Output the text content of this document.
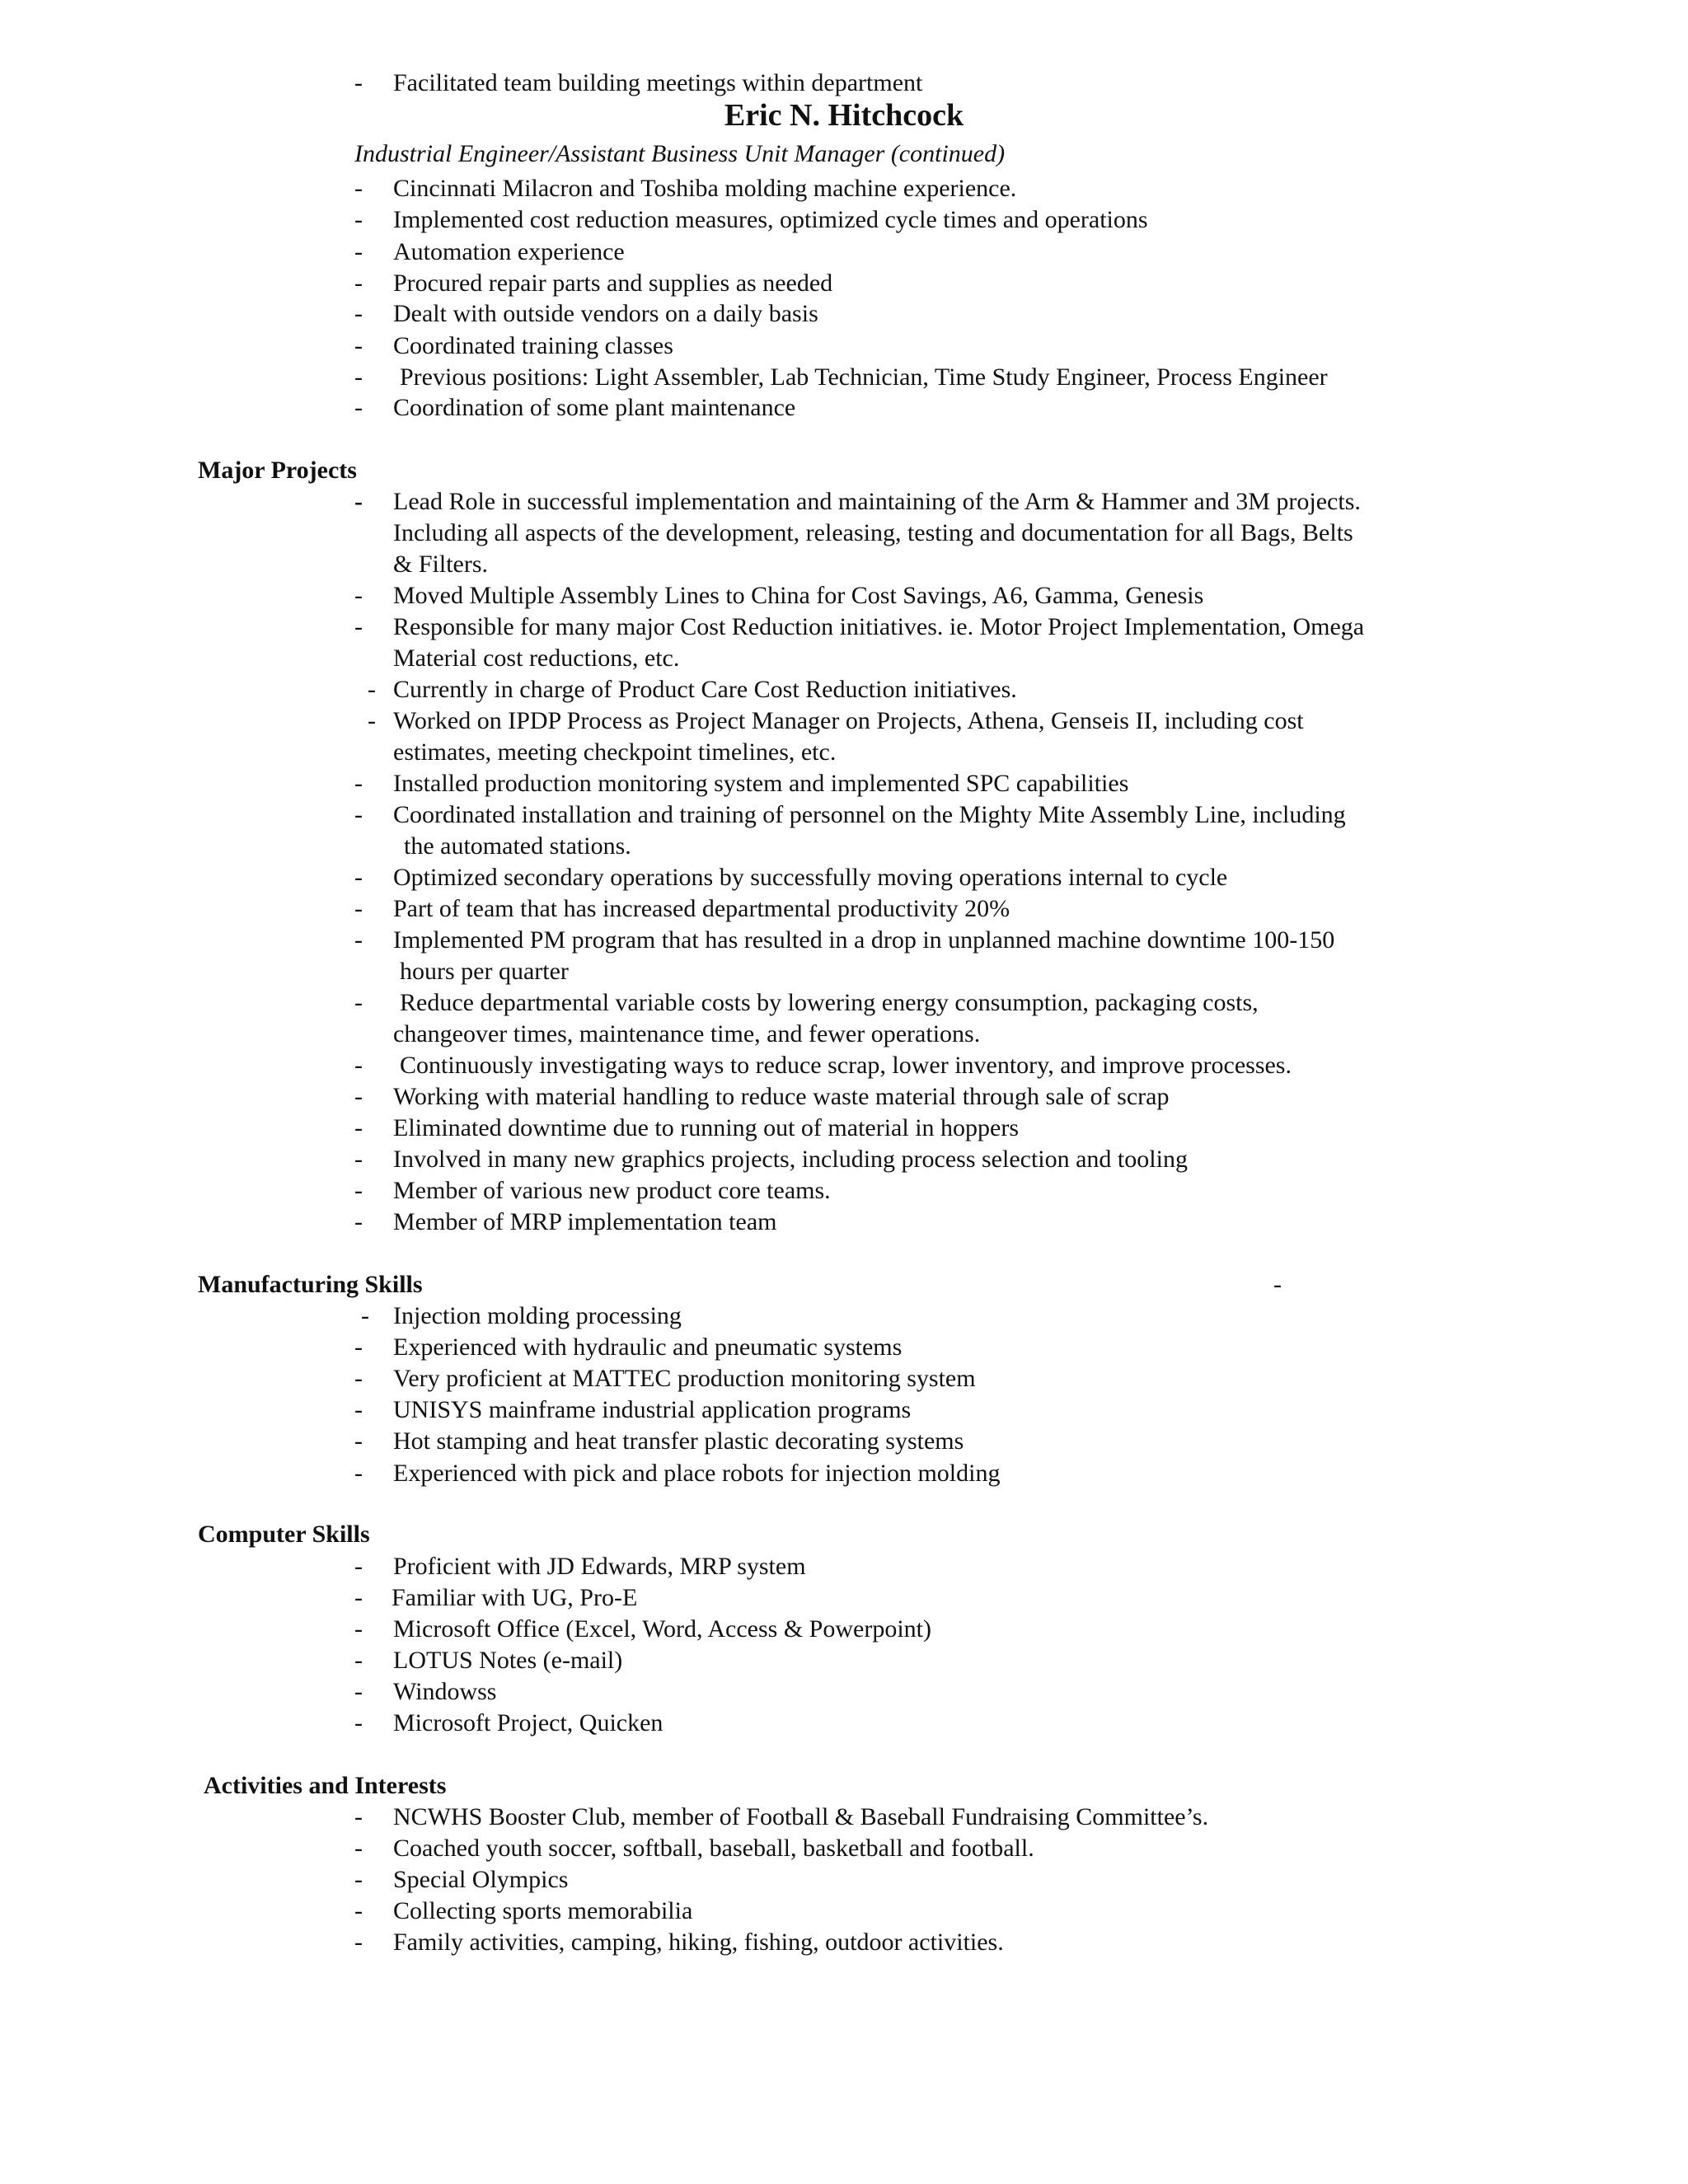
- Facilitated team building meetings within department
Eric N. Hitchcock
Industrial Engineer/Assistant Business Unit Manager (continued)
- Cincinnati Milacron and Toshiba molding machine experience.
- Implemented cost reduction measures, optimized cycle times and operations
- Automation experience
- Procured repair parts and supplies as needed
- Dealt with outside vendors on a daily basis
- Coordinated training classes
- Previous positions: Light Assembler, Lab Technician, Time Study Engineer, Process Engineer
- Coordination of some plant maintenance
Major Projects
- Lead Role in successful implementation and maintaining of the Arm & Hammer and 3M projects.
Including all aspects of the development, releasing, testing and documentation for all Bags, Belts
& Filters.
- Moved Multiple Assembly Lines to China for Cost Savings, A6, Gamma, Genesis
- Responsible for many major Cost Reduction initiatives. ie. Motor Project Implementation, Omega
Material cost reductions, etc.
- Currently in charge of Product Care Cost Reduction initiatives.
- Worked on IPDP Process as Project Manager on Projects, Athena, Genseis II, including cost
estimates, meeting checkpoint timelines, etc.
- Installed production monitoring system and implemented SPC capabilities
- Coordinated installation and training of personnel on the Mighty Mite Assembly Line, including
the automated stations.
- Optimized secondary operations by successfully moving operations internal to cycle
- Part of team that has increased departmental productivity 20%
- Implemented PM program that has resulted in a drop in unplanned machine downtime 100-150
hours per quarter
- Reduce departmental variable costs by lowering energy consumption, packaging costs,
changeover times, maintenance time, and fewer operations.
- Continuously investigating ways to reduce scrap, lower inventory, and improve processes.
- Working with material handling to reduce waste material through sale of scrap
- Eliminated downtime due to running out of material in hoppers
- Involved in many new graphics projects, including process selection and tooling
- Member of various new product core teams.
- Member of MRP implementation team
Manufacturing Skills	-
- Injection molding processing
- Experienced with hydraulic and pneumatic systems
- Very proficient at MATTEC production monitoring system
- UNISYS mainframe industrial application programs
- Hot stamping and heat transfer plastic decorating systems
- Experienced with pick and place robots for injection molding
Computer Skills
- Proficient with JD Edwards, MRP system
- Familiar with UG, Pro-E
- Microsoft Office (Excel, Word, Access & Powerpoint)
- LOTUS Notes (e-mail)
- Windowss
- Microsoft Project, Quicken
Activities and Interests
- NCWHS Booster Club, member of Football & Baseball Fundraising Committee’s.
- Coached youth soccer, softball, baseball, basketball and football.
- Special Olympics
- Collecting sports memorabilia
- Family activities, camping, hiking, fishing, outdoor activities.
